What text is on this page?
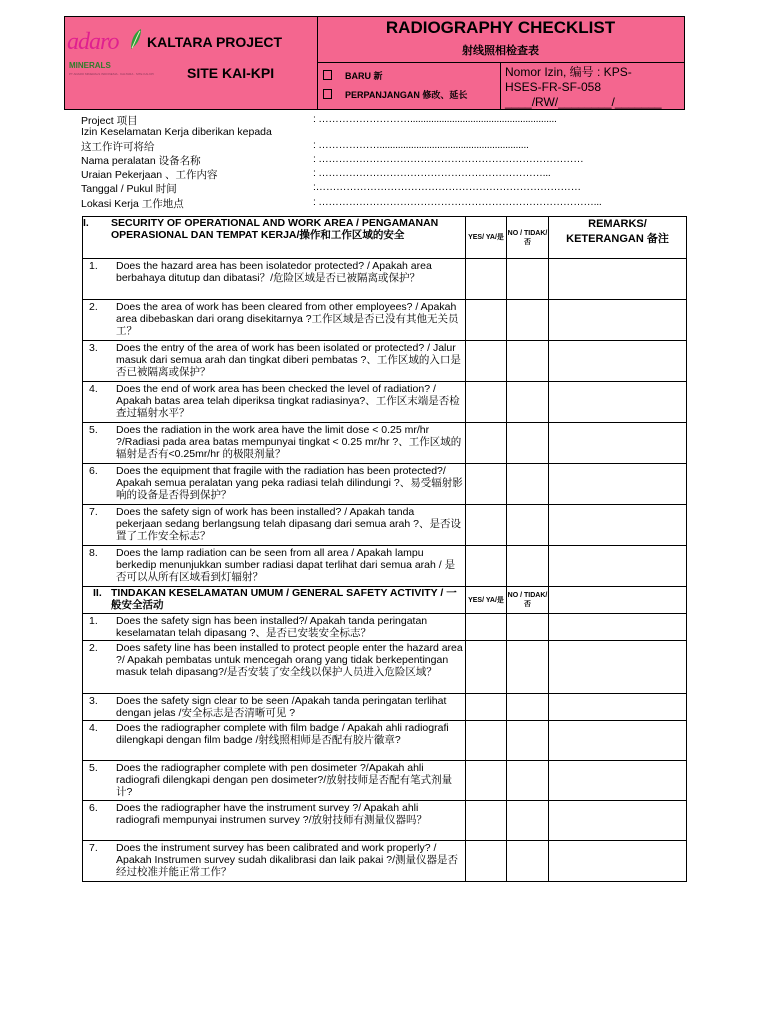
adaro
MINERALS
PT ADARO MINERALS INDONESIA · KALTARA · SITE KAI-KPI
KALTARA PROJECT
SITE KAI-KPI
RADIOGRAPHY CHECKLIST
射线照相检查表
BARU 新
PERPANJANGAN 修改、延长
Nomor Izin, 编号 : KPS-
HSES-FR-SF-058
____/RW/________/_______
Project 项目	: ………………………........................................................
Izin Keselamatan Kerja diberikan kepada
这工作许可将给	: ……………….........................................................
Nama peralatan 设备名称	: ……………………………………………………………………
Uraian Pekerjaan 、工作内容	: …………………………………………………………...
Tanggal / Pukul 时间	:……………………………………………………………………
Lokasi Kerja 工作地点	: ………………………………………………………………………...
I. SECURITY OF OPERATIONAL AND WORK AREA / PENGAMANAN OPERASIONAL DAN TEMPAT KERJA/操作和工作区域的安全	YES/ YA/是	NO / TIDAK/否	REMARKS/ KETERANGAN 备注

1. Does the hazard area has been isolatedor protected? / Apakah area berbahaya ditutup dan dibatasi？/危险区域是否已被隔离或保护？			

2. Does the area of work has been cleared from other employees? / Apakah area dibebaskan dari orang disekitarnya ?工作区域是否已没有其他无关员工？			

3. Does the entry of the area of work has been isolated or protected? / Jalur masuk dari semua arah dan tingkat diberi pembatas ?、工作区域的入口是否已被隔离或保护？			

4. Does the end of work area has been checked the level of radiation? / Apakah batas area telah diperiksa tingkat radiasinya?、工作区末端是否检查过辐射水平？			

5. Does the radiation in the work area have the limit dose < 0.25 mr/hr ?/Radiasi pada area batas mempunyai tingkat < 0.25 mr/hr ?、工作区域的辐射是否有<0.25mr/hr 的极限剂量？			

6. Does the equipment that fragile with the radiation has been protected?/ Apakah semua peralatan yang peka radiasi telah dilindungi ?、易受辐射影响的设备是否得到保护？			

7. Does the safety sign of work has been installed? / Apakah tanda pekerjaan sedang berlangsung telah dipasang dari semua arah ?、是否设置了工作安全标志？			

8. Does the lamp radiation can be seen from all area / Apakah lampu berkedip menunjukkan sumber radiasi dapat terlihat dari semua arah / 是否可以从所有区域看到灯辐射？			

II. TINDAKAN KESELAMATAN UMUM / GENERAL SAFETY ACTIVITY / 一般安全活动	YES/ YA/是	NO / TIDAK/否	

1. Does the safety sign has been installed?/ Apakah tanda peringatan keselamatan telah dipasang ?、是否已安装安全标志？			

2. Does safety line has been installed to protect people enter the hazard area ?/ Apakah pembatas untuk mencegah orang yang tidak berkepentingan masuk telah dipasang?/是否安装了安全线以保护人员进入危险区域？			

3. Does the safety sign clear to be seen /Apakah tanda peringatan terlihat dengan jelas /安全标志是否清晰可见 ?			

4. Does the radiographer complete with film badge / Apakah ahli radiografi dilengkapi dengan film badge /射线照相师是否配有胶片徽章?			

5. Does the radiographer complete with pen dosimeter ?/Apakah ahli radiografi dilengkapi dengan pen dosimeter?/放射技师是否配有笔式剂量计?			

6. Does the radiographer have the instrument survey ?/ Apakah ahli radiografi mempunyai instrumen survey ?/放射技师有测量仪器吗？			

7. Does the instrument survey has been calibrated and work properly? / Apakah Instrumen survey sudah dikalibrasi dan laik pakai ?/测量仪器是否经过校准并能正常工作？			
